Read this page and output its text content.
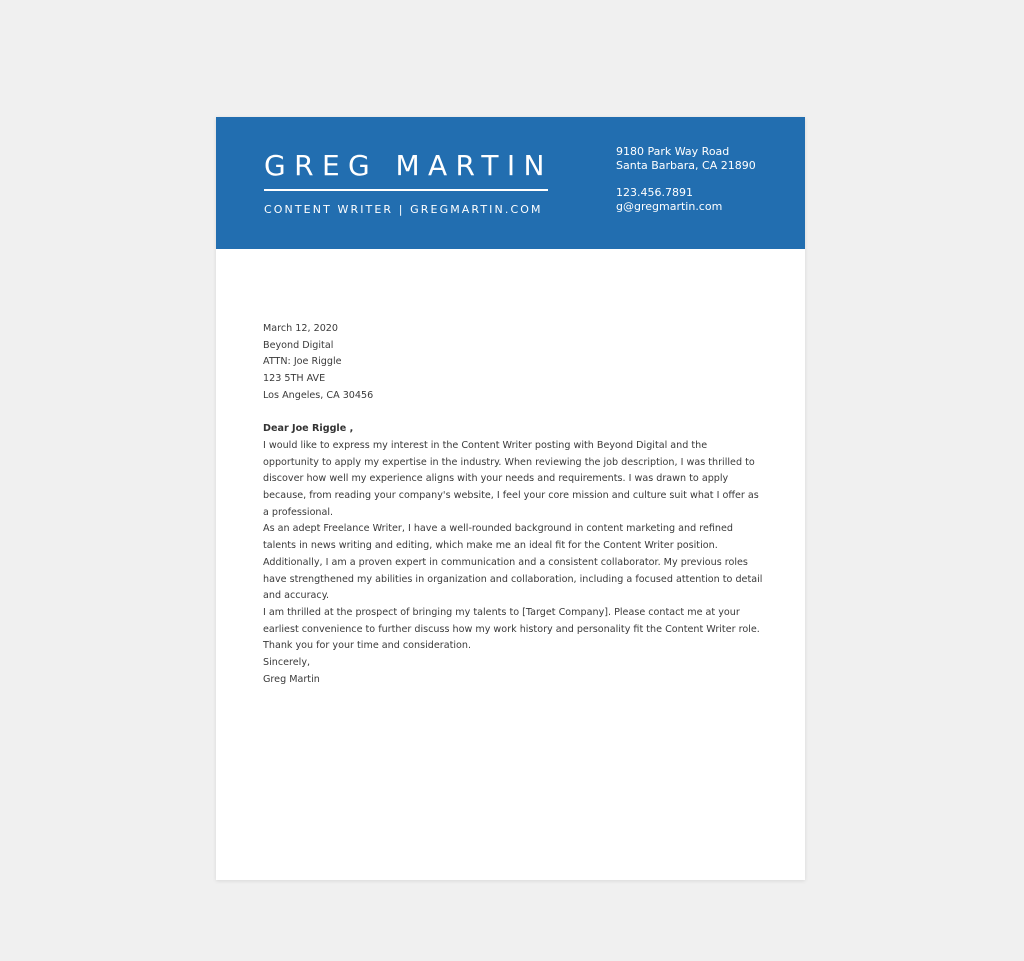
GREG MARTIN
CONTENT WRITER | GREGMARTIN.COM
9180 Park Way Road
Santa Barbara, CA 21890
123.456.7891
g@gregmartin.com

March 12, 2020

Beyond Digital

ATTN: Joe Riggle

123 5TH AVE

Los Angeles, CA 30456

Dear Joe Riggle ,

I would like to express my interest in the Content Writer posting with Beyond Digital and the opportunity to apply my expertise in the industry. When reviewing the job description, I was thrilled to discover how well my experience aligns with your needs and requirements. I was drawn to apply because, from reading your company's website, I feel your core mission and culture suit what I offer as a professional.

As an adept Freelance Writer, I have a well-rounded background in content marketing and refined talents in news writing and editing, which make me an ideal fit for the Content Writer position. Additionally, I am a proven expert in communication and a consistent collaborator. My previous roles have strengthened my abilities in organization and collaboration, including a focused attention to detail and accuracy.

I am thrilled at the prospect of bringing my talents to [Target Company]. Please contact me at your earliest convenience to further discuss how my work history and personality fit the Content Writer role.

Thank you for your time and consideration.

Sincerely,

Greg Martin
